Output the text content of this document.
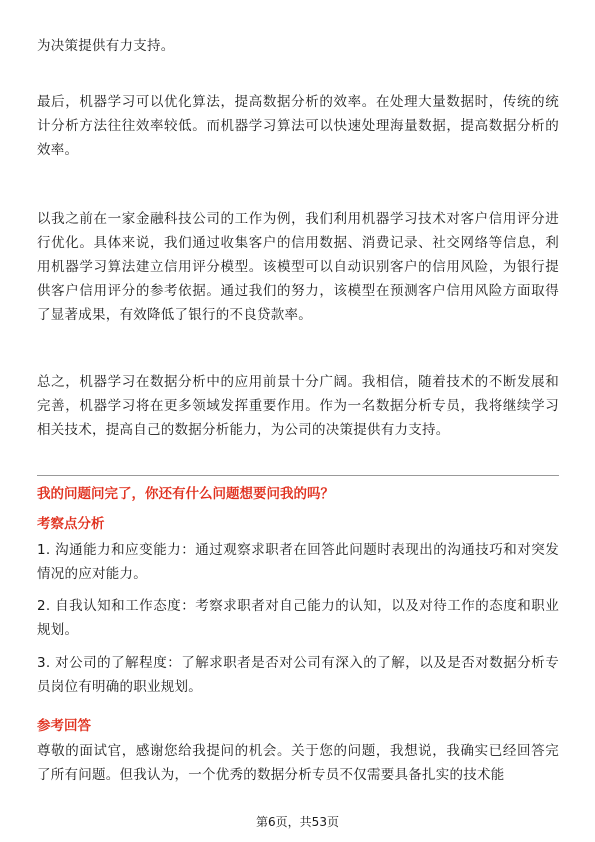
为决策提供有力支持。

最后，机器学习可以优化算法，提高数据分析的效率。在处理大量数据时，传统的统计分析方法往往效率较低。而机器学习算法可以快速处理海量数据，提高数据分析的效率。

以我之前在一家金融科技公司的工作为例，我们利用机器学习技术对客户信用评分进行优化。具体来说，我们通过收集客户的信用数据、消费记录、社交网络等信息，利用机器学习算法建立信用评分模型。该模型可以自动识别客户的信用风险，为银行提供客户信用评分的参考依据。通过我们的努力，该模型在预测客户信用风险方面取得了显著成果，有效降低了银行的不良贷款率。

总之，机器学习在数据分析中的应用前景十分广阔。我相信，随着技术的不断发展和完善，机器学习将在更多领域发挥重要作用。作为一名数据分析专员，我将继续学习相关技术，提高自己的数据分析能力，为公司的决策提供有力支持。

我的问题问完了，你还有什么问题想要问我的吗？

考察点分析

1. 沟通能力和应变能力：通过观察求职者在回答此问题时表现出的沟通技巧和对突发情况的应对能力。

2. 自我认知和工作态度：考察求职者对自己能力的认知，以及对待工作的态度和职业规划。

3. 对公司的了解程度：了解求职者是否对公司有深入的了解，以及是否对数据分析专员岗位有明确的职业规划。

参考回答

尊敬的面试官，感谢您给我提问的机会。关于您的问题，我想说，我确实已经回答完了所有问题。但我认为，一个优秀的数据分析专员不仅需要具备扎实的技术能

第6页，共53页
